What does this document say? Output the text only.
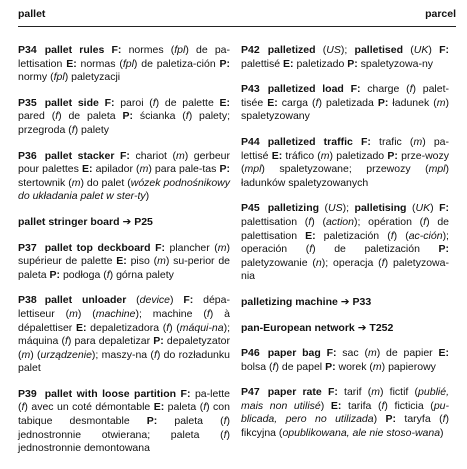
pallet	parcel

P34 pallet rules F: normes (fpl) de pa-lettisation E: normas (fpl) de paletiza-ción P: normy (fpl) paletyzacji

P35 pallet side F: paroi (f) de palette E: pared (f) de paleta P: ścianka (f) palety; przegroda (f) palety

P36 pallet stacker F: chariot (m) gerbeur pour palettes E: apilador (m) para pale-tas P: stertownik (m) do palet (wózek podnośnikowy do układania palet w ster-ty)

pallet stringer board ➔ P25

P37 pallet top deckboard F: plancher (m) supérieur de palette E: piso (m) su-perior de paleta P: podłoga (f) górna palety

P38 pallet unloader (device) F: dépa-lettiseur (m) (machine); machine (f) à dépalettiser E: depaletizadora (f) (máqui-na); máquina (f) para depaletizar P: depaletyzator (m) (urządzenie); maszy-na (f) do rozładunku palet

P39 pallet with loose partition F: pa-lette (f) avec un coté démontable E: paleta (f) con tabique desmontable P: paleta (f) jednostronnie otwierana; paleta (f) jednostronnie demontowana

P42 palletized (US); palletised (UK) F: palettisé E: paletizado P: spaletyzowa-ny

P43 palletized load F: charge (f) palet-tisée E: carga (f) paletizada P: ładunek (m) spaletyzowany

P44 palletized traffic F: trafic (m) pa-lettisé E: tráfico (m) paletizado P: prze-wozy (mpl) spaletyzowane; przewozy (mpl) ładunków spaletyzowanych

P45 palletizing (US); palletising (UK) F: palettisation (f) (action); opération (f) de palettisation E: paletización (f) (ac-ción); operación (f) de paletización P: paletyzowanie (n); operacja (f) paletyzowa-nia

palletizing machine ➔ P33

pan-European network ➔ T252

P46 paper bag F: sac (m) de papier E: bolsa (f) de papel P: worek (m) papierowy

P47 paper rate F: tarif (m) fictif (publié, mais non utilisé) E: tarifa (f) ficticia (pu-blicada, pero no utilizada) P: taryfa (f) fikcyjna (opublikowana, ale nie stoso-wana)
